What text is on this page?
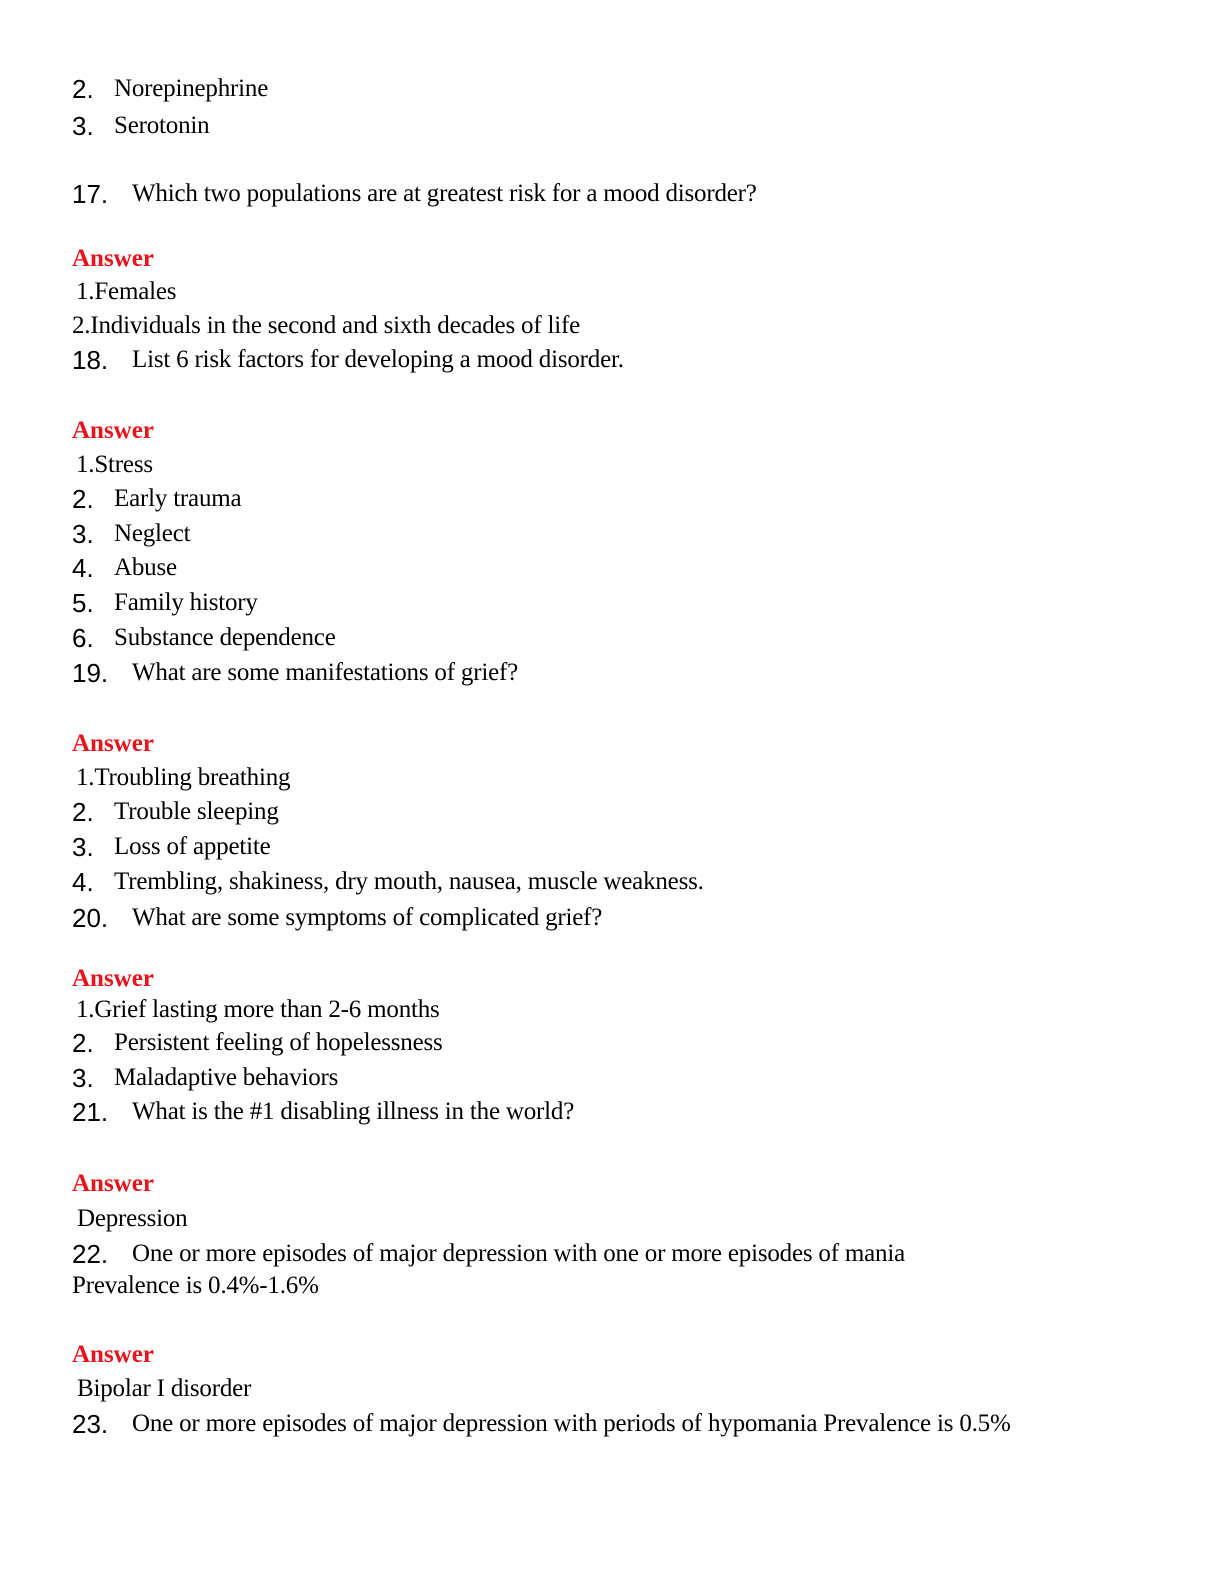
2. Norepinephrine
3. Serotonin
17. Which two populations are at greatest risk for a mood disorder?
Answer
1.Females
2.Individuals in the second and sixth decades of life
18. List 6 risk factors for developing a mood disorder.
Answer
1.Stress
2. Early trauma
3. Neglect
4. Abuse
5. Family history
6. Substance dependence
19. What are some manifestations of grief?
Answer
1.Troubling breathing
2. Trouble sleeping
3. Loss of appetite
4. Trembling, shakiness, dry mouth, nausea, muscle weakness.
20. What are some symptoms of complicated grief?
Answer
1.Grief lasting more than 2-6 months
2. Persistent feeling of hopelessness
3. Maladaptive behaviors
21. What is the #1 disabling illness in the world?
Answer
Depression
22. One or more episodes of major depression with one or more episodes of mania
Prevalence is 0.4%-1.6%
Answer
Bipolar I disorder
23. One or more episodes of major depression with periods of hypomania Prevalence is 0.5%
